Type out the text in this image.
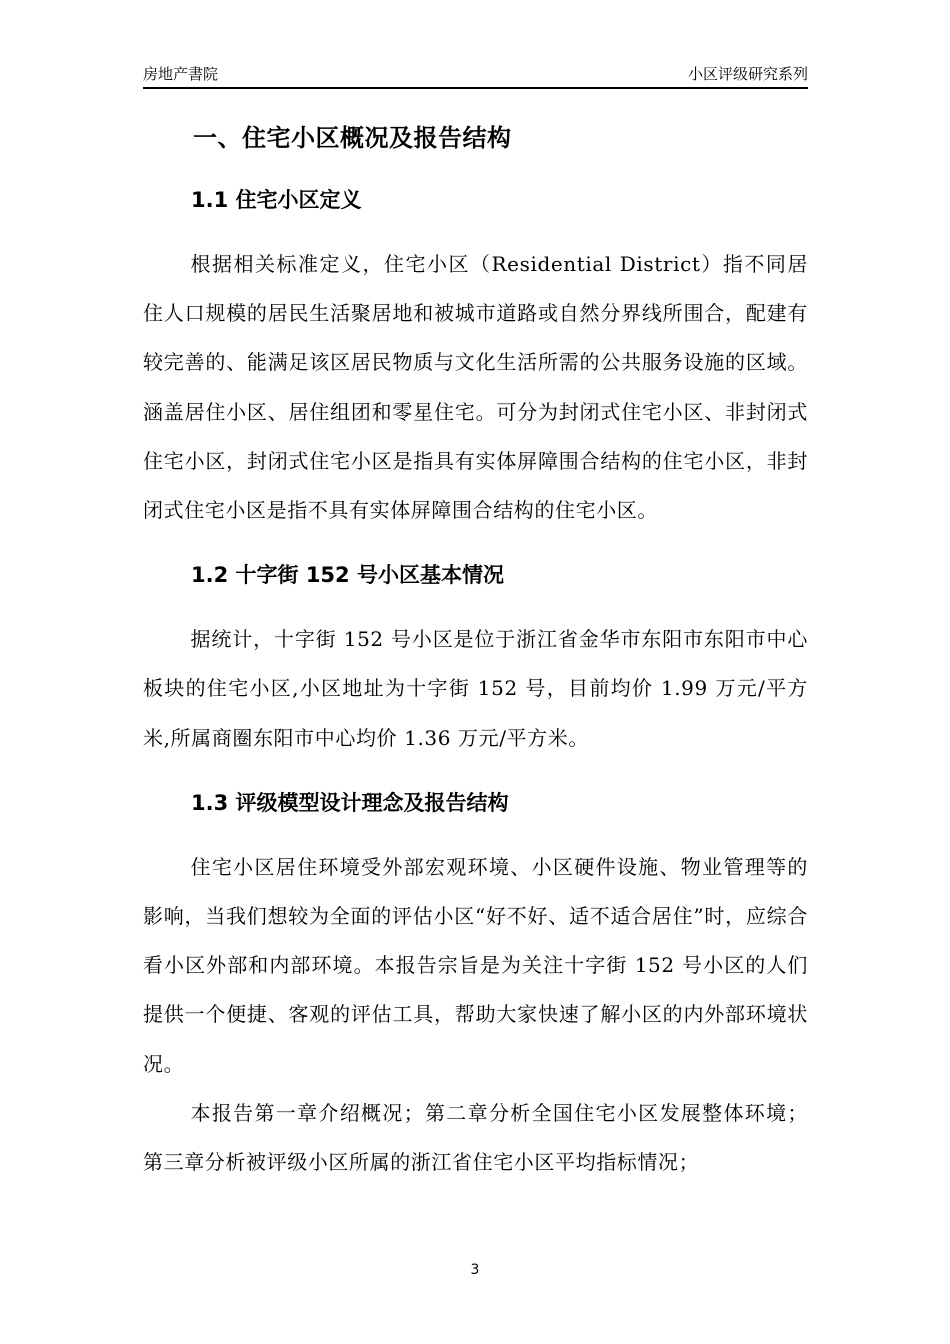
房地产書院	小区评级研究系列
一、住宅小区概况及报告结构
1.1 住宅小区定义

根据相关标准定义，住宅小区（Residential District）指不同居住人口规模的居民生活聚居地和被城市道路或自然分界线所围合，配建有较完善的、能满足该区居民物质与文化生活所需的公共服务设施的区域。涵盖居住小区、居住组团和零星住宅。可分为封闭式住宅小区、非封闭式住宅小区，封闭式住宅小区是指具有实体屏障围合结构的住宅小区，非封闭式住宅小区是指不具有实体屏障围合结构的住宅小区。

1.2 十字街 152 号小区基本情况

据统计，十字街 152 号小区是位于浙江省金华市东阳市东阳市中心板块的住宅小区,小区地址为十字街 152 号，目前均价 1.99 万元/平方米,所属商圈东阳市中心均价 1.36 万元/平方米。

1.3 评级模型设计理念及报告结构

住宅小区居住环境受外部宏观环境、小区硬件设施、物业管理等的影响，当我们想较为全面的评估小区“好不好、适不适合居住”时，应综合看小区外部和内部环境。本报告宗旨是为关注十字街 152 号小区的人们提供一个便捷、客观的评估工具，帮助大家快速了解小区的内外部环境状况。

本报告第一章介绍概况；第二章分析全国住宅小区发展整体环境；第三章分析被评级小区所属的浙江省住宅小区平均指标情况；

3
